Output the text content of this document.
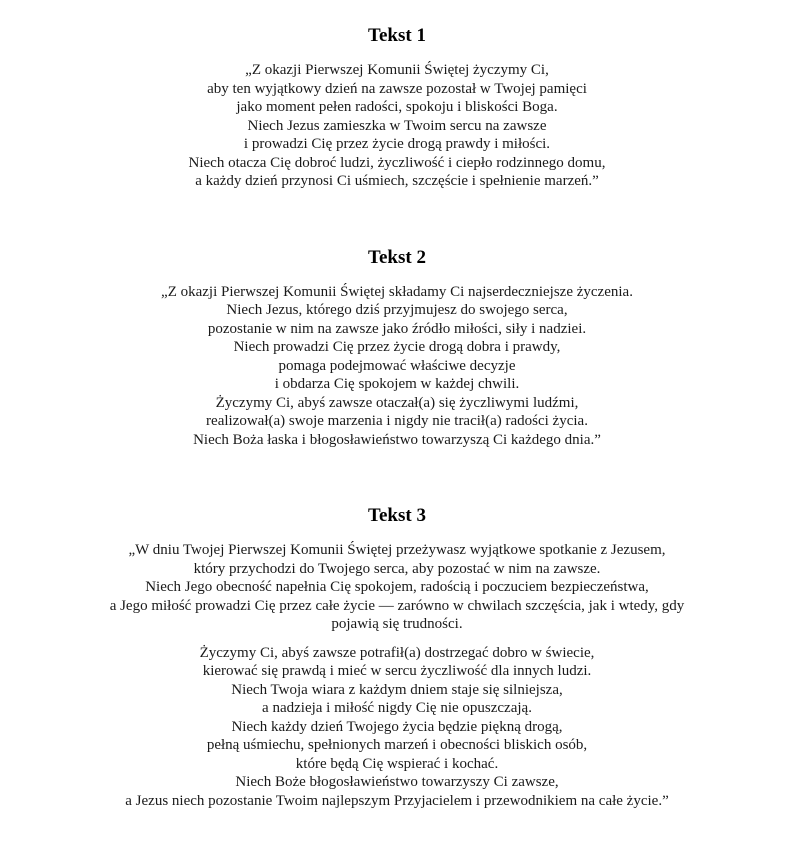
Tekst 1

„Z okazji Pierwszej Komunii Świętej życzymy Ci,
aby ten wyjątkowy dzień na zawsze pozostał w Twojej pamięci
jako moment pełen radości, spokoju i bliskości Boga.
Niech Jezus zamieszka w Twoim sercu na zawsze
i prowadzi Cię przez życie drogą prawdy i miłości.
Niech otacza Cię dobroć ludzi, życzliwość i ciepło rodzinnego domu,
a każdy dzień przynosi Ci uśmiech, szczęście i spełnienie marzeń.”

Tekst 2

„Z okazji Pierwszej Komunii Świętej składamy Ci najserdeczniejsze życzenia.
Niech Jezus, którego dziś przyjmujesz do swojego serca,
pozostanie w nim na zawsze jako źródło miłości, siły i nadziei.
Niech prowadzi Cię przez życie drogą dobra i prawdy,
pomaga podejmować właściwe decyzje
i obdarza Cię spokojem w każdej chwili.
Życzymy Ci, abyś zawsze otaczał(a) się życzliwymi ludźmi,
realizował(a) swoje marzenia i nigdy nie tracił(a) radości życia.
Niech Boża łaska i błogosławieństwo towarzyszą Ci każdego dnia.”

Tekst 3

„W dniu Twojej Pierwszej Komunii Świętej przeżywasz wyjątkowe spotkanie z Jezusem,
który przychodzi do Twojego serca, aby pozostać w nim na zawsze.
Niech Jego obecność napełnia Cię spokojem, radością i poczuciem bezpieczeństwa,
a Jego miłość prowadzi Cię przez całe życie — zarówno w chwilach szczęścia, jak i wtedy, gdy
pojawią się trudności.

Życzymy Ci, abyś zawsze potrafił(a) dostrzegać dobro w świecie,
kierować się prawdą i mieć w sercu życzliwość dla innych ludzi.
Niech Twoja wiara z każdym dniem staje się silniejsza,
a nadzieja i miłość nigdy Cię nie opuszczają.
Niech każdy dzień Twojego życia będzie piękną drogą,
pełną uśmiechu, spełnionych marzeń i obecności bliskich osób,
które będą Cię wspierać i kochać.
Niech Boże błogosławieństwo towarzyszy Ci zawsze,
a Jezus niech pozostanie Twoim najlepszym Przyjacielem i przewodnikiem na całe życie.”
